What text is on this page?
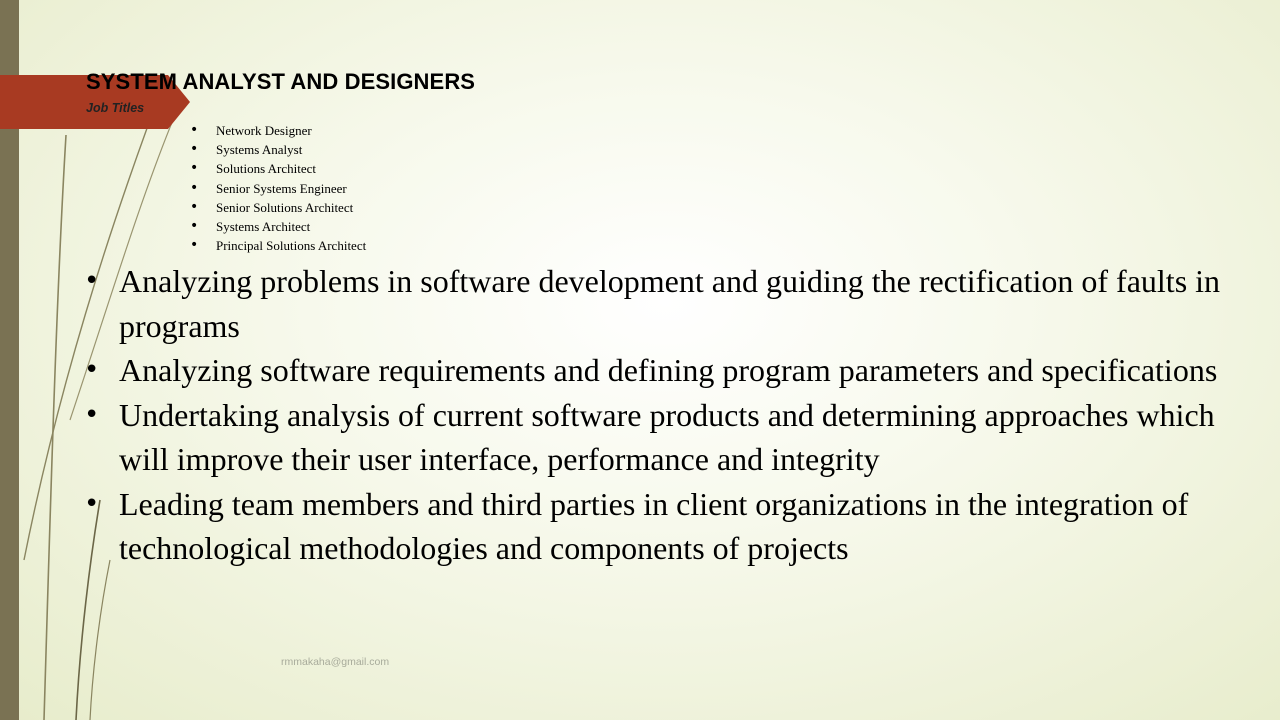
SYSTEM ANALYST AND DESIGNERS
Job Titles
• Network Designer
• Systems Analyst
• Solutions Architect
• Senior Systems Engineer
• Senior Solutions Architect
• Systems Architect
• Principal Solutions Architect
• Analyzing problems in software development and guiding the rectification of faults in programs
• Analyzing software requirements and defining program parameters and specifications
• Undertaking analysis of current software products and determining approaches which will improve their user interface, performance and integrity
• Leading team members and third parties in client organizations in the integration of technological methodologies and components of projects
rmmakaha@gmail.com
